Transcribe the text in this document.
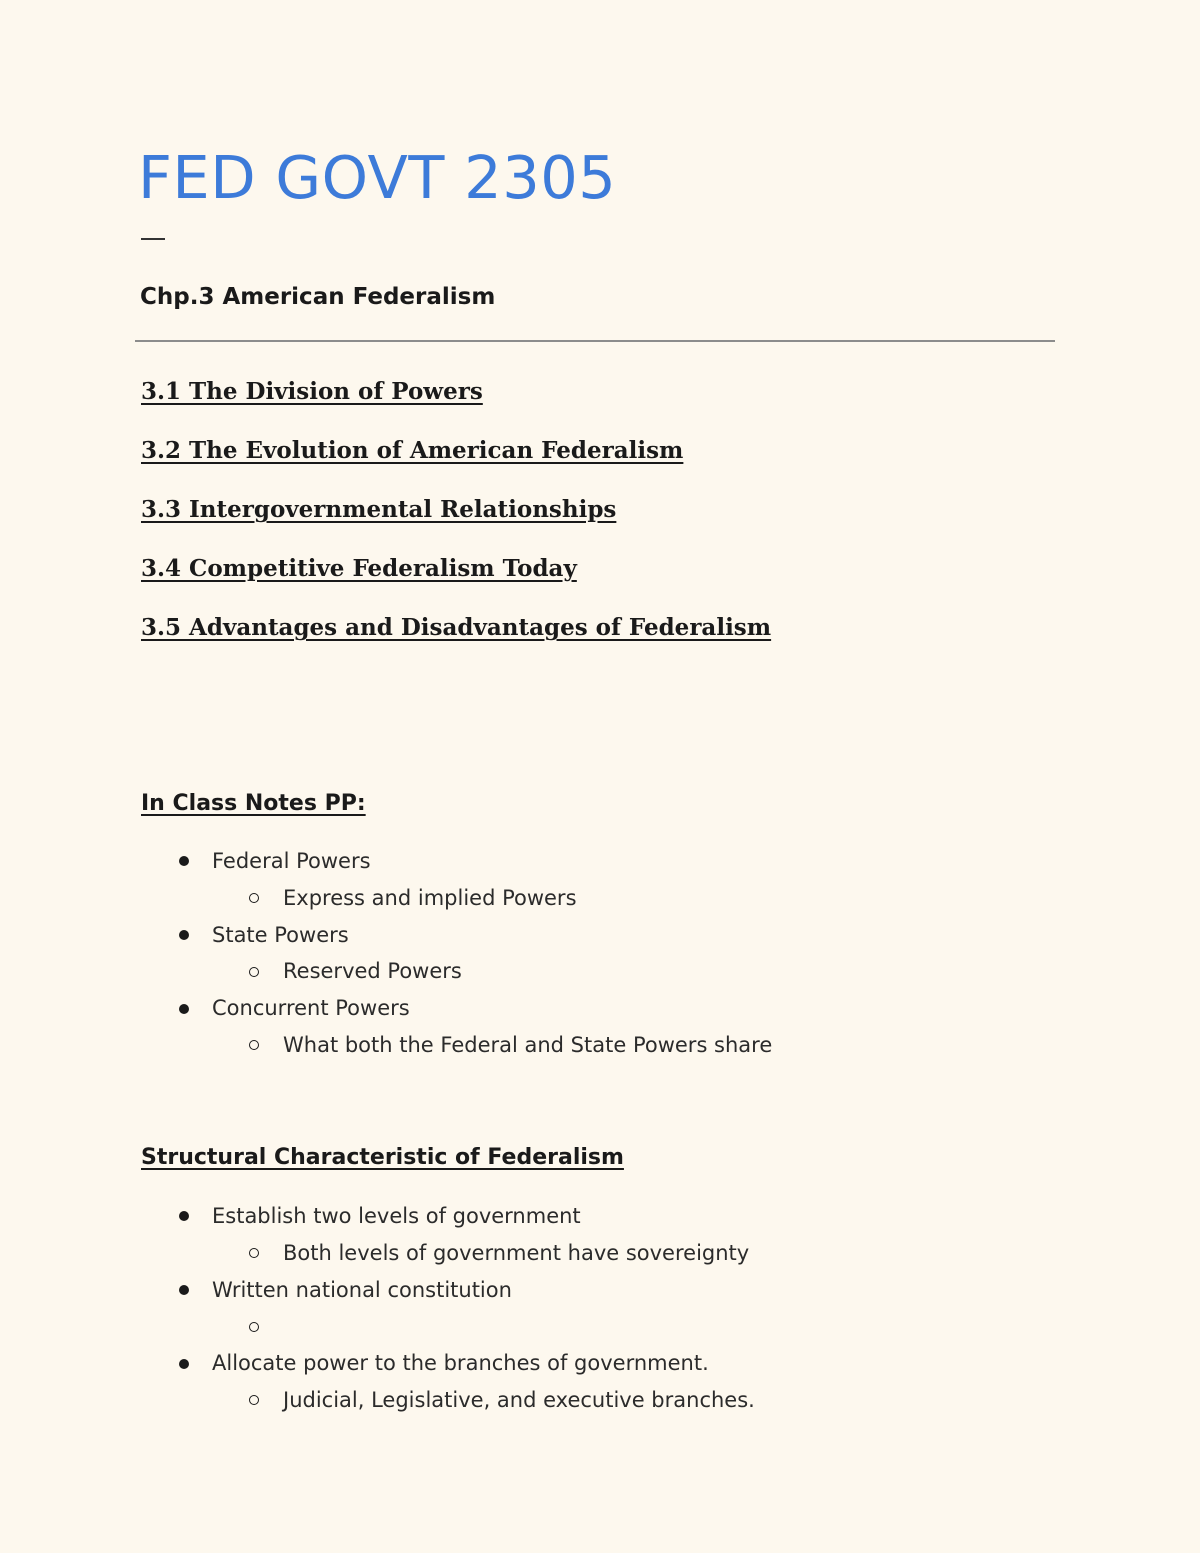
FED GOVT 2305
Chp.3 American Federalism
3.1 The Division of Powers
3.2 The Evolution of American Federalism
3.3 Intergovernmental Relationships
3.4 Competitive Federalism Today
3.5 Advantages and Disadvantages of Federalism
In Class Notes PP:
Federal Powers
Express and implied Powers
State Powers
Reserved Powers
Concurrent Powers
What both the Federal and State Powers share
Structural Characteristic of Federalism
Establish two levels of government
Both levels of government have sovereignty
Written national constitution
Allocate power to the branches of government.
Judicial, Legislative, and executive branches.
